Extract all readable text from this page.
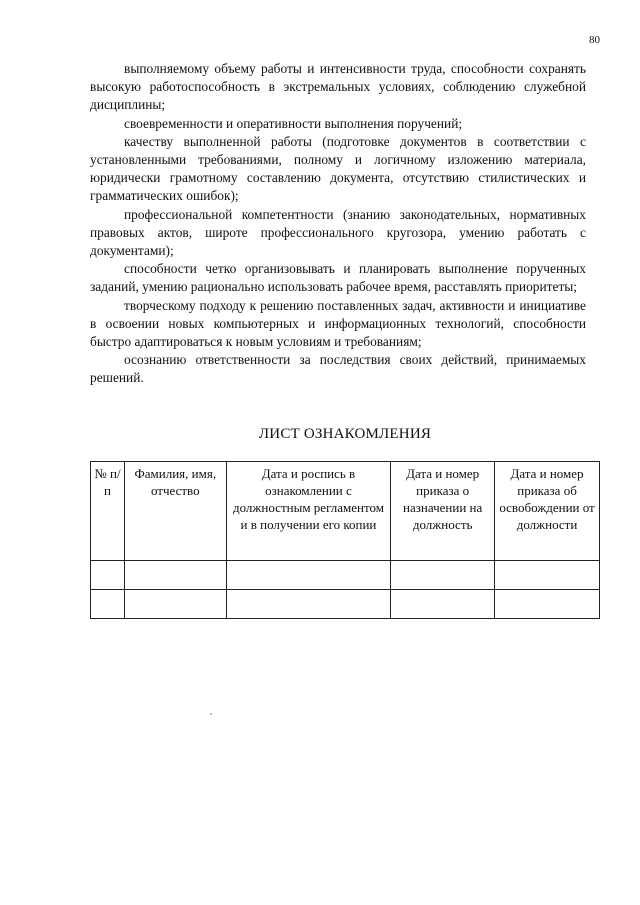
80

выполняемому объему работы и интенсивности труда, способности сохранять высокую работоспособность в экстремальных условиях, соблюдению служебной дисциплины;

своевременности и оперативности выполнения поручений;

качеству выполненной работы (подготовке документов в соответствии с установленными требованиями, полному и логичному изложению материала, юридически грамотному составлению документа, отсутствию стилистических и грамматических ошибок);

профессиональной компетентности (знанию законодательных, нормативных правовых актов, широте профессионального кругозора, умению работать с документами);

способности четко организовывать и планировать выполнение порученных заданий, умению рационально использовать рабочее время, расставлять приоритеты;

творческому подходу к решению поставленных задач, активности и инициативе в освоении новых компьютерных и информационных технологий, способности быстро адаптироваться к новым условиям и требованиям;

осознанию ответственности за последствия своих действий, принимаемых решений.

ЛИСТ ОЗНАКОМЛЕНИЯ
№ п/п	Фамилия, имя, отчество	Дата и роспись в ознакомлении с должностным регламентом и в получении его копии	Дата и номер приказа о назначении на должность	Дата и номер приказа об освобождении от должности
